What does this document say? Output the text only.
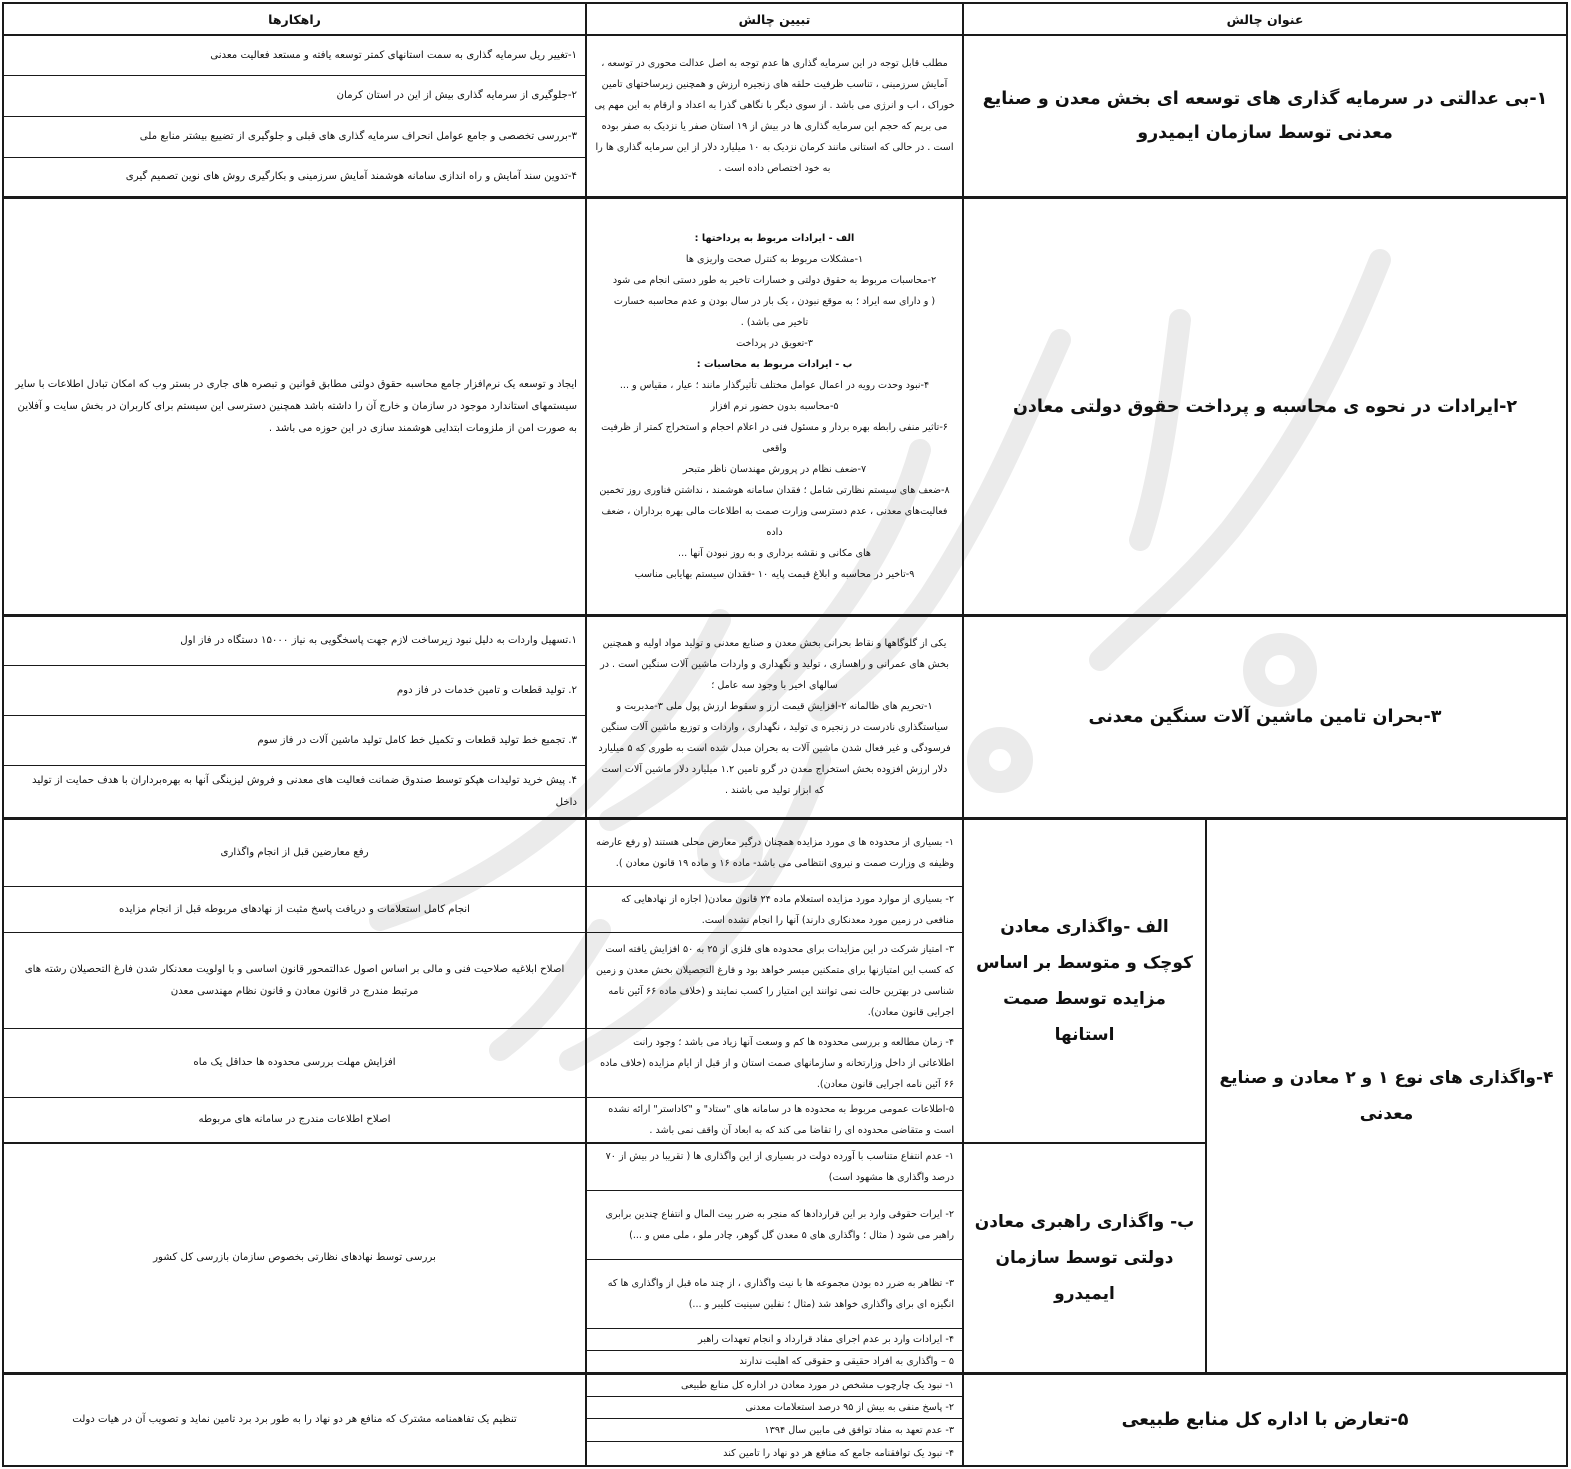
عنوان چالش
تبیین چالش
راهکارها
۱-بی عدالتی در سرمایه گذاری های توسعه ای بخش معدن و صنایع معدنی توسط سازمان ایمیدرو
مطلب قابل توجه در این سرمایه گذاری ها عدم توجه به اصل عدالت محوری در توسعه ،
آمایش سرزمینی ، تناسب ظرفیت حلقه های زنجیره ارزش و همچنین زیرساختهای تامین
خوراک ، اب و انرژی می باشد . از سوی دیگر با نگاهی گذرا به اعداد و ارقام به این مهم پی
می بریم که حجم این سرمایه گذاری ها در بیش از ۱۹ استان صفر یا نزدیک به صفر بوده
است . در حالی که استانی مانند کرمان نزدیک به ۱۰ میلیارد دلار از این سرمایه گذاری ها را
به خود اختصاص داده است .
۱-تغییر ریل سرمایه گذاری به سمت استانهای کمتر توسعه یافته و مستعد فعالیت معدنی
۲-جلوگیری از سرمایه گذاری بیش از این در استان کرمان
۳-بررسی تخصصی و جامع عوامل انحراف سرمایه گذاری های قبلی و جلوگیری از تضییع بیشتر منابع ملی
۴-تدوین سند آمایش و راه اندازی سامانه هوشمند آمایش سرزمینی و بکارگیری روش های نوین تصمیم گیری
۲-ایرادات در نحوه ی محاسبه و پرداخت حقوق دولتی معادن
الف - ایرادات مربوط به پرداختها :
۱-مشکلات مربوط به کنترل صحت واریزی ها
۲-محاسبات مربوط به حقوق دولتی و خسارات تاخیر به طور دستی انجام می شود
( و دارای سه ایراد ؛ به موقع نبودن ، یک بار در سال بودن و عدم محاسبه خسارت
تاخیر می باشد) .
۳-تعویق در پرداخت
ب - ایرادات مربوط به محاسبات :
۴-نبود وحدت رویه در اعمال عوامل مختلف تأثیرگذار مانند ؛ عیار ، مقیاس و ...
۵-محاسبه بدون حضور نرم افزار
۶-تاثیر منفی رابطه بهره بردار و مسئول فنی در اعلام احجام و استخراج کمتر از ظرفیت واقعی
۷-ضعف نظام در پرورش مهندسان ناظر متبحر
۸-ضعف های سیستم نظارتی شامل ؛ فقدان سامانه هوشمند ، نداشتن فناوری روز تخمین
فعالیت‌های معدنی ، عدم دسترسی وزارت صمت به اطلاعات مالی بهره برداران ، ضعف داده
های مکانی و نقشه برداری و به روز نبودن آنها ...
۹-تاخیر در محاسبه و ابلاغ قیمت پایه ۱۰ -فقدان سیستم بهایابی مناسب
ایجاد و توسعه یک نرم‌افزار جامع محاسبه حقوق دولتی مطابق قوانین و تبصره های جاری در بستر وب که امکان تبادل اطلاعات با سایر سیستمهای استاندارد موجود در سازمان و خارج آن را داشته باشد همچنین دسترسی این سیستم برای کاربران در بخش سایت و آفلاین به صورت امن از ملزومات ابتدایی هوشمند سازی در این حوزه می باشد .
۳-بحران تامین ماشین آلات سنگین معدنی
یکی از گلوگاهها و نقاط بحرانی بخش معدن و صنایع معدنی و تولید مواد اولیه و همچنین
بخش های عمرانی و راهسازی ، تولید و نگهداری و واردات ماشین آلات سنگین است . در
سالهای اخیر با وجود سه عامل ؛
۱-تحریم های ظالمانه ۲-افزایش قیمت ارز و سقوط ارزش پول ملی ۳-مدیریت و
سیاستگذاری نادرست در زنجیره ی تولید ، نگهداری ، واردات و توزیع ماشین آلات سنگین
فرسودگی و غیر فعال شدن ماشین آلات به بحران مبدل شده است به طوری که ۵ میلیارد
دلار ارزش افزوده بخش استخراج معدن در گرو تامین ۱.۲ میلیارد دلار ماشین آلات است
که ابزار تولید می باشند .
۱.تسهیل واردات به دلیل نبود زیرساخت لازم جهت پاسخگویی به نیاز ۱۵۰۰۰ دستگاه در فاز اول
۲. تولید قطعات و تامین خدمات در فاز دوم
۳. تجمیع خط تولید قطعات و تکمیل خط کامل تولید ماشین آلات در فاز سوم
۴. پیش خرید تولیدات هپکو توسط صندوق ضمانت فعالیت های معدنی و فروش لیزینگی آنها به بهره‌برداران با هدف حمایت از تولید داخل
۴-واگذاری های نوع ۱ و ۲ معادن و صنایع معدنی
الف -واگذاری معادن کوچک و متوسط بر اساس مزایده توسط صمت استانها
۱- بسیاری از محدوده ها ی مورد مزایده همچنان درگیر معارض محلی هستند (و رفع عارضه وظیفه ی وزارت صمت و نیروی انتظامی می باشد- ماده ۱۶ و ماده ۱۹ قانون معادن ).
۲- بسیاری از موارد مورد مزایده استعلام ماده ۲۴ قانون معادن( اجازه از نهادهایی که منافعی در زمین مورد معدنکاری دارند) آنها را انجام نشده است.
۳- امتیاز شرکت در این مزایدات برای محدوده های فلزی از ۲۵ به ۵۰ افزایش یافته است که کسب این امتیازنها برای متمکنین میسر خواهد بود و فارغ التحصیلان بخش معدن و زمین شناسی در بهترین حالت نمی توانند این امتیاز را کسب نمایند و (خلاف ماده ۶۶ آئین نامه اجرایی قانون معادن).
۴- زمان مطالعه و بررسی محدوده ها کم و وسعت آنها زیاد می باشد ؛ وجود رانت اطلاعاتی از داخل وزارتخانه و سازمانهای صمت استان و از قبل از ایام مزایده (خلاف ماده ۶۶ آئین نامه اجرایی قانون معادن).
۵-اطلاعات عمومی مربوط به محدوده ها در سامانه های "ستاد" و "کاداستر" ارائه نشده است و متقاضی محدوده ای را تقاضا می کند که به ابعاد آن واقف نمی باشد .
رفع معارضین قبل از انجام واگذاری
انجام کامل استعلامات و دریافت پاسخ مثبت از نهادهای مربوطه قبل از انجام مزایده
اصلاح ابلاغیه صلاحیت فنی و مالی بر اساس اصول عدالتمحور قانون اساسی و با اولویت معدنکار شدن فارغ التحصیلان رشته های مرتبط مندرج در قانون معادن و قانون نظام مهندسی معدن
افزایش مهلت بررسی محدوده ها حداقل یک ماه
اصلاح اطلاعات مندرج در سامانه های مربوطه
ب- واگذاری راهبری معادن دولتی توسط سازمان ایمیدرو
۱- عدم انتفاع متناسب با آورده دولت در بسیاری از این واگذاری ها ( تقریبا در بیش از ۷۰ درصد واگذاری ها مشهود است)
۲- ایرات حقوقی وارد بر این قراردادها که منجر به ضرر بیت المال و انتفاع چندین برابری راهبر می شود ( مثال ؛ واگذاری های ۵ معدن گل گوهر، چادر ملو ، ملی مس و ...)
۳- تظاهر به ضرر ده بودن مجموعه ها با نیت واگذاری ، از چند ماه قبل از واگذاری ها که انگیزه ای برای واگذاری خواهد شد (مثال ؛ نفلین سینیت کلیبر و ...)
۴- ایرادات وارد بر عدم اجرای مفاد قرارداد و انجام تعهدات راهبر
۵ – واگذاری به افراد حقیقی و حقوقی که اهلیت ندارند
بررسی توسط نهادهای نظارتی بخصوص سازمان بازرسی کل کشور
۵-تعارض با اداره کل منابع طبیعی
۱- نبود یک چارچوب مشخص در مورد معادن در اداره کل منابع طبیعی
۲- پاسخ منفی به بیش از ۹۵ درصد استعلامات معدنی
۳- عدم تعهد به مفاد توافق فی مابین سال ۱۳۹۴
۴- نبود یک توافقنامه جامع که منافع هر دو نهاد را تامین کند
تنظیم یک تفاهمنامه مشترک که منافع هر دو نهاد را به طور برد برد تامین نماید و تصویب آن در هیات دولت
